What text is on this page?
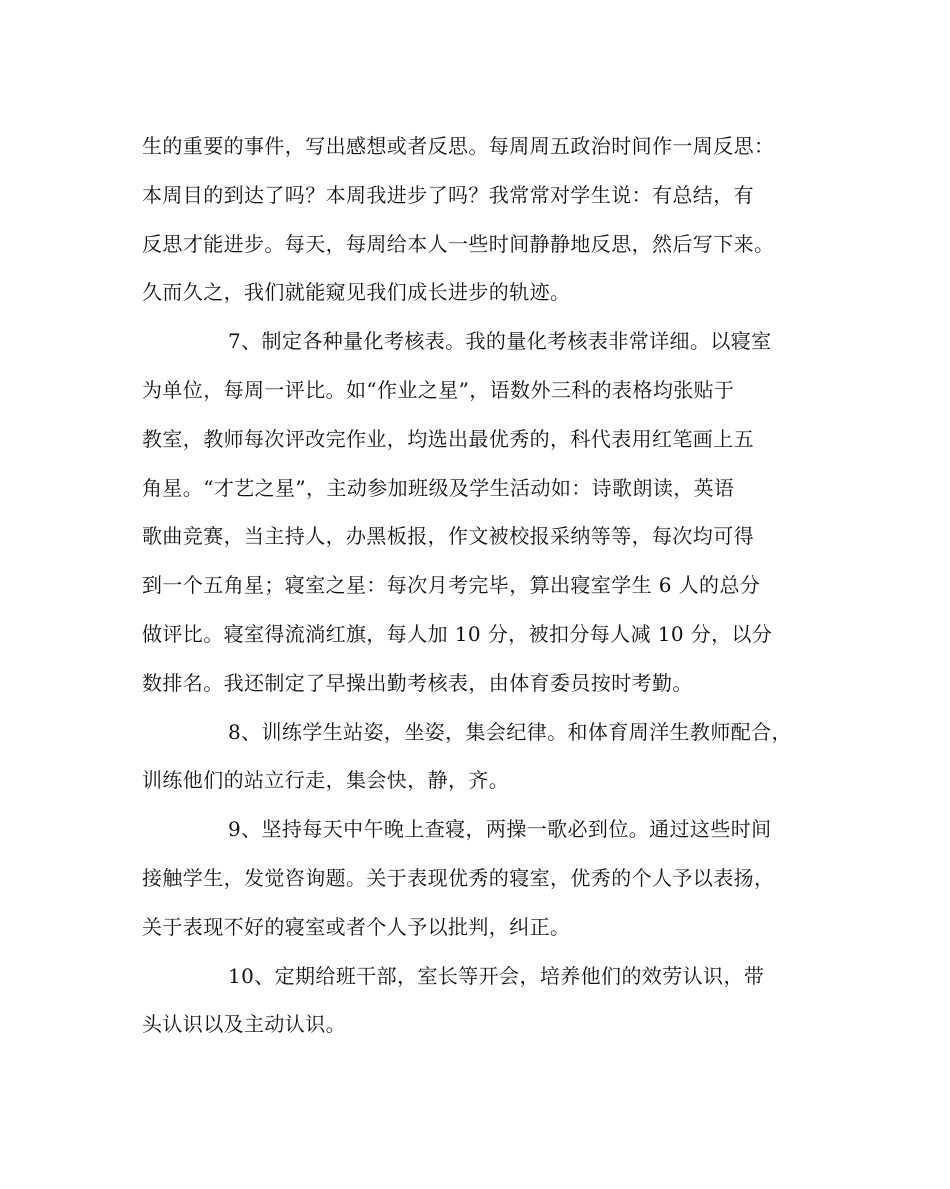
生的重要的事件，写出感想或者反思。每周周五政治时间作一周反思：
本周目的到达了吗？本周我进步了吗？我常常对学生说：有总结，有
反思才能进步。每天，每周给本人一些时间静静地反思，然后写下来。
久而久之，我们就能窥见我们成长进步的轨迹。
7、制定各种量化考核表。我的量化考核表非常详细。以寝室
为单位，每周一评比。如“作业之星”，语数外三科的表格均张贴于
教室，教师每次评改完作业，均选出最优秀的，科代表用红笔画上五
角星。“才艺之星”，主动参加班级及学生活动如：诗歌朗读，英语
歌曲竞赛，当主持人，办黑板报，作文被校报采纳等等，每次均可得
到一个五角星；寝室之星：每次月考完毕，算出寝室学生 6 人的总分
做评比。寝室得流淌红旗，每人加 10 分，被扣分每人减 10 分，以分
数排名。我还制定了早操出勤考核表，由体育委员按时考勤。
8、训练学生站姿，坐姿，集会纪律。和体育周洋生教师配合，
训练他们的站立行走，集会快，静，齐。
9、坚持每天中午晚上查寝，两操一歌必到位。通过这些时间
接触学生，发觉咨询题。关于表现优秀的寝室，优秀的个人予以表扬，
关于表现不好的寝室或者个人予以批判，纠正。
10、定期给班干部，室长等开会，培养他们的效劳认识，带
头认识以及主动认识。
